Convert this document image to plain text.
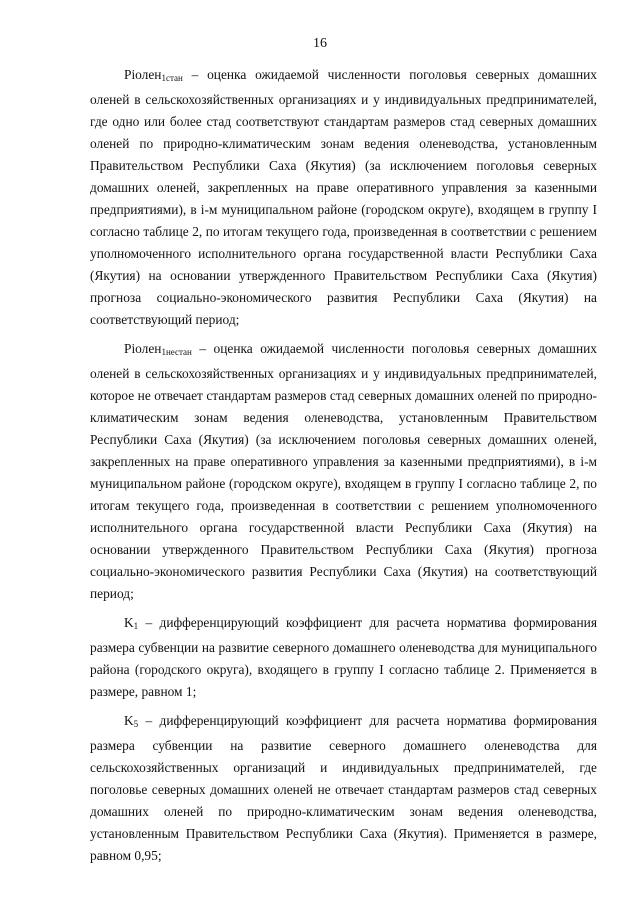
16

Piолен$_{1стан}$ – оценка ожидаемой численности поголовья северных домашних оленей в сельскохозяйственных организациях и у индивидуальных предпринимателей, где одно или более стад соответствуют стандартам размеров стад северных домашних оленей по природно-климатическим зонам ведения оленеводства, установленным Правительством Республики Саха (Якутия) (за исключением поголовья северных домашних оленей, закрепленных на праве оперативного управления за казенными предприятиями), в i-м муниципальном районе (городском округе), входящем в группу I согласно таблице 2, по итогам текущего года, произведенная в соответствии с решением уполномоченного исполнительного органа государственной власти Республики Саха (Якутия) на основании утвержденного Правительством Республики Саха (Якутия) прогноза социально-экономического развития Республики Саха (Якутия) на соответствующий период;

Piолен$_{1нестан}$ – оценка ожидаемой численности поголовья северных домашних оленей в сельскохозяйственных организациях и у индивидуальных предпринимателей, которое не отвечает стандартам размеров стад северных домашних оленей по природно-климатическим зонам ведения оленеводства, установленным Правительством Республики Саха (Якутия) (за исключением поголовья северных домашних оленей, закрепленных на праве оперативного управления за казенными предприятиями), в i-м муниципальном районе (городском округе), входящем в группу I согласно таблице 2, по итогам текущего года, произведенная в соответствии с решением уполномоченного исполнительного органа государственной власти Республики Саха (Якутия) на основании утвержденного Правительством Республики Саха (Якутия) прогноза социально-экономического развития Республики Саха (Якутия) на соответствующий период;

$K_1$ – дифференцирующий коэффициент для расчета норматива формирования размера субвенции на развитие северного домашнего оленеводства для муниципального района (городского округа), входящего в группу I согласно таблице 2. Применяется в размере, равном 1;

$K_5$ – дифференцирующий коэффициент для расчета норматива формирования размера субвенции на развитие северного домашнего оленеводства для сельскохозяйственных организаций и индивидуальных предпринимателей, где поголовье северных домашних оленей не отвечает стандартам размеров стад северных домашних оленей по природно-климатическим зонам ведения оленеводства, установленным Правительством Республики Саха (Якутия). Применяется в размере, равном 0,95;
